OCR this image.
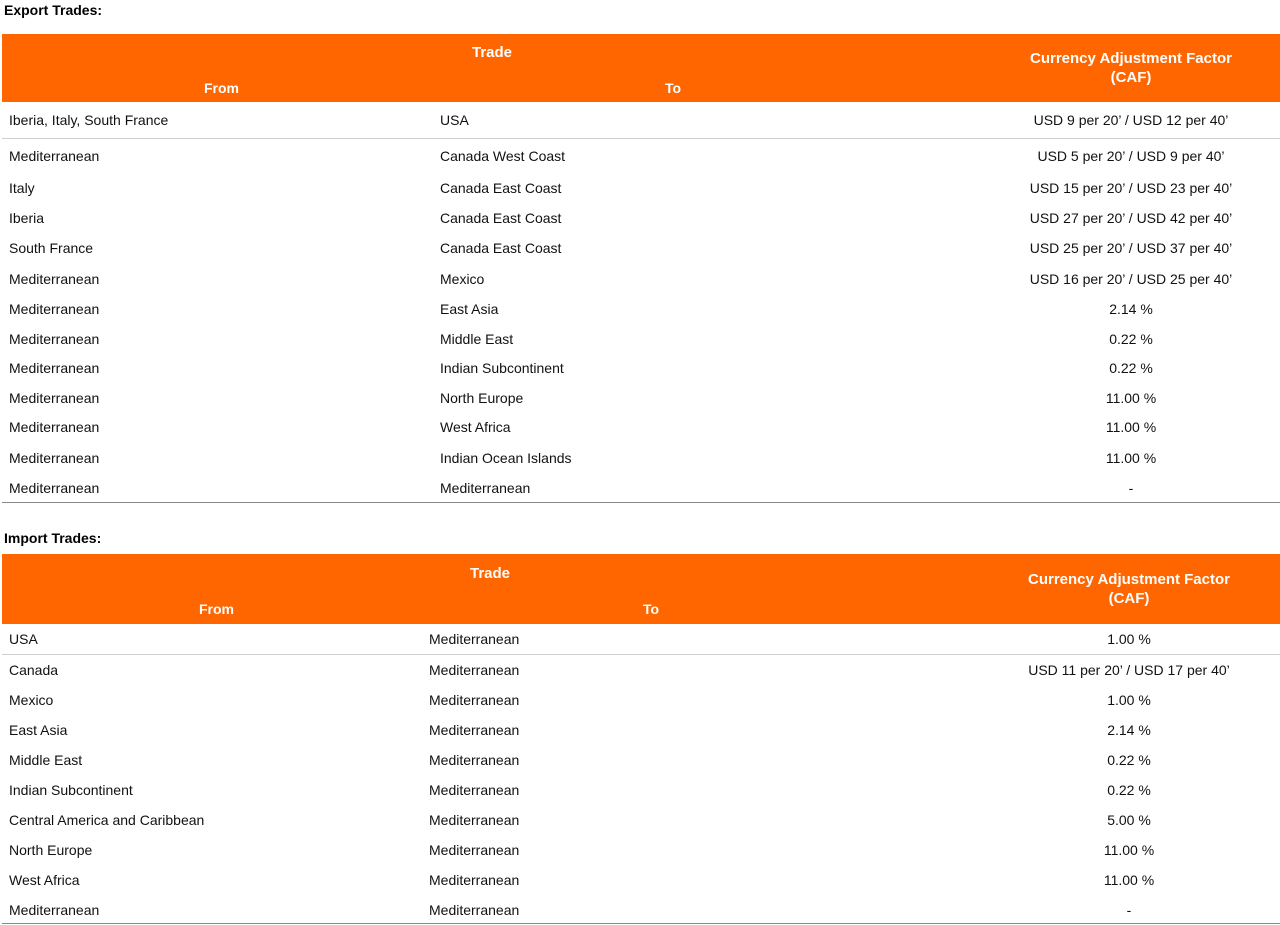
Export Trades:
Trade
From To		Currency Adjustment Factor
(CAF)

Iberia, Italy, South France	USA	USD 9 per 20’ / USD 12 per 40’
Mediterranean	Canada West Coast	USD 5 per 20’ / USD 9 per 40’
Italy	Canada East Coast	USD 15 per 20’ / USD 23 per 40’
Iberia	Canada East Coast	USD 27 per 20’ / USD 42 per 40’
South France	Canada East Coast	USD 25 per 20’ / USD 37 per 40’
Mediterranean	Mexico	USD 16 per 20’ / USD 25 per 40’
Mediterranean	East Asia	2.14 %
Mediterranean	Middle East	0.22 %
Mediterranean	Indian Subcontinent	0.22 %
Mediterranean	North Europe	11.00 %
Mediterranean	West Africa	11.00 %
Mediterranean	Indian Ocean Islands	11.00 %
Mediterranean	Mediterranean	-
Import Trades:
Trade
From To		Currency Adjustment Factor
(CAF)

USA	Mediterranean	1.00 %
Canada	Mediterranean	USD 11 per 20’ / USD 17 per 40’
Mexico	Mediterranean	1.00 %
East Asia	Mediterranean	2.14 %
Middle East	Mediterranean	0.22 %
Indian Subcontinent	Mediterranean	0.22 %
Central America and Caribbean	Mediterranean	5.00 %
North Europe	Mediterranean	11.00 %
West Africa	Mediterranean	11.00 %
Mediterranean	Mediterranean	-
